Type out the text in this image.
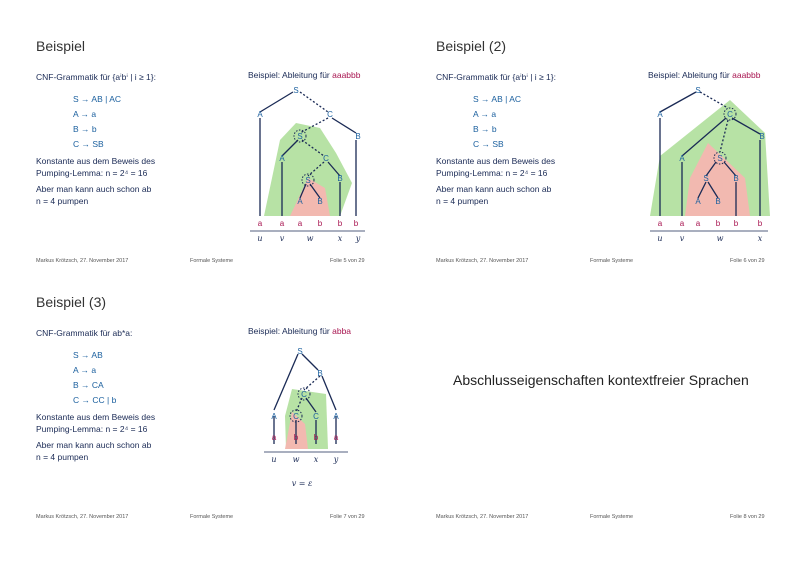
Beispiel
CNF-Grammatik für {aⁱbⁱ | i ≥ 1}:
S → AB | AC
A → a
B → b
C → SB
Konstante aus dem Beweis des
Pumping-Lemma: n = 2⁴ = 16
Aber man kann auch schon ab
n = 4 pumpen
Beispiel: Ableitung für aaabbb
S
A	C
S	B
A	C
S	B
A B
a a a b b b
u v	w	x y
Markus Krötzsch, 27. November 2017	Formale Systeme	Folie 5 von 29
Beispiel (2)
CNF-Grammatik für {aⁱbⁱ | i ≥ 1}:
S → AB | AC
A → a
B → b
C → SB
Konstante aus dem Beweis des
Pumping-Lemma: n = 2⁴ = 16
Aber man kann auch schon ab
n = 4 pumpen
Beispiel: Ableitung für aaabbb
S
A	C
A
B
S
S	B
A B
a a a b b b
u v	w	x
Markus Krötzsch, 27. November 2017	Formale Systeme	Folie 6 von 29
Beispiel (3)
CNF-Grammatik für ab*a:
S → AB
A → a
B → CA
C → CC | b
Konstante aus dem Beweis des
Pumping-Lemma: n = 2⁴ = 16
Aber man kann auch schon ab
n = 4 pumpen
Beispiel: Ableitung für abba
S
B
C
A C C A
a b b a
u w x y
v = ε
Markus Krötzsch, 27. November 2017	Formale Systeme	Folie 7 von 29
Abschlusseigenschaften kontextfreier Sprachen
Markus Krötzsch, 27. November 2017	Formale Systeme	Folie 8 von 29
